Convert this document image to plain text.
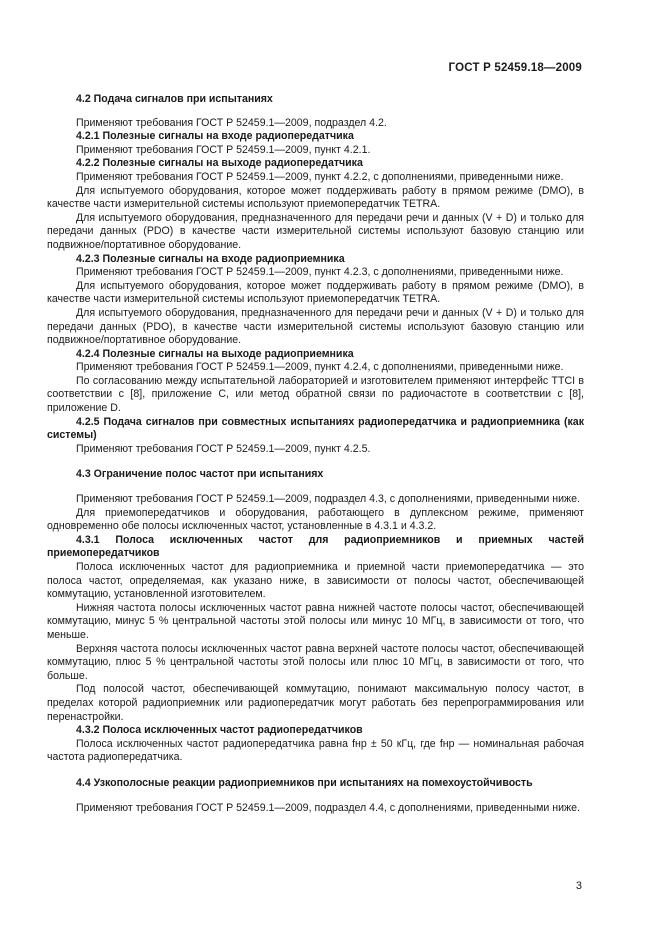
ГОСТ Р 52459.18—2009

4.2 Подача сигналов при испытаниях

Применяют требования ГОСТ Р 52459.1—2009, подраздел 4.2.

4.2.1 Полезные сигналы на входе радиопередатчика

Применяют требования ГОСТ Р 52459.1—2009, пункт 4.2.1.

4.2.2 Полезные сигналы на выходе радиопередатчика

Применяют требования ГОСТ Р 52459.1—2009, пункт 4.2.2, с дополнениями, приведенными ниже.

Для испытуемого оборудования, которое может поддерживать работу в прямом режиме (DMO), в качестве части измерительной системы используют приемопередатчик TETRA.

Для испытуемого оборудования, предназначенного для передачи речи и данных (V + D) и только для передачи данных (PDO) в качестве части измерительной системы используют базовую станцию или подвижное/портативное оборудование.

4.2.3 Полезные сигналы на входе радиоприемника

Применяют требования ГОСТ Р 52459.1—2009, пункт 4.2.3, с дополнениями, приведенными ниже.

Для испытуемого оборудования, которое может поддерживать работу в прямом режиме (DMO), в качестве части измерительной системы используют приемопередатчик TETRA.

Для испытуемого оборудования, предназначенного для передачи речи и данных (V + D) и только для передачи данных (PDO), в качестве части измерительной системы используют базовую станцию или подвижное/портативное оборудование.

4.2.4 Полезные сигналы на выходе радиоприемника

Применяют требования ГОСТ Р 52459.1—2009, пункт 4.2.4, с дополнениями, приведенными ниже.

По согласованию между испытательной лабораторией и изготовителем применяют интерфейс TTCI в соответствии с [8], приложение С, или метод обратной связи по радиочастоте в соответствии с [8], приложение D.

4.2.5 Подача сигналов при совместных испытаниях радиопередатчика и радиоприемника (как системы)

Применяют требования ГОСТ Р 52459.1—2009, пункт 4.2.5.

4.3 Ограничение полос частот при испытаниях

Применяют требования ГОСТ Р 52459.1—2009, подраздел 4.3, с дополнениями, приведенными ниже.

Для приемопередатчиков и оборудования, работающего в дуплексном режиме, применяют одновременно обе полосы исключенных частот, установленные в 4.3.1 и 4.3.2.

4.3.1 Полоса исключенных частот для радиоприемников и приемных частей приемопередатчиков

Полоса исключенных частот для радиоприемника и приемной части приемопередатчика — это полоса частот, определяемая, как указано ниже, в зависимости от полосы частот, обеспечивающей коммутацию, установленной изготовителем.

Нижняя частота полосы исключенных частот равна нижней частоте полосы частот, обеспечивающей коммутацию, минус 5 % центральной частоты этой полосы или минус 10 МГц, в зависимости от того, что меньше.

Верхняя частота полосы исключенных частот равна верхней частоте полосы частот, обеспечивающей коммутацию, плюс 5 % центральной частоты этой полосы или плюс 10 МГц, в зависимости от того, что больше.

Под полосой частот, обеспечивающей коммутацию, понимают максимальную полосу частот, в пределах которой радиоприемник или радиопередатчик могут работать без перепрограммирования или перенастройки.

4.3.2 Полоса исключенных частот радиопередатчиков

Полоса исключенных частот радиопередатчика равна fнр ± 50 кГц, где fнр — номинальная рабочая частота радиопередатчика.

4.4 Узкополосные реакции радиоприемников при испытаниях на помехоустойчивость

Применяют требования ГОСТ Р 52459.1—2009, подраздел 4.4, с дополнениями, приведенными ниже.

3
